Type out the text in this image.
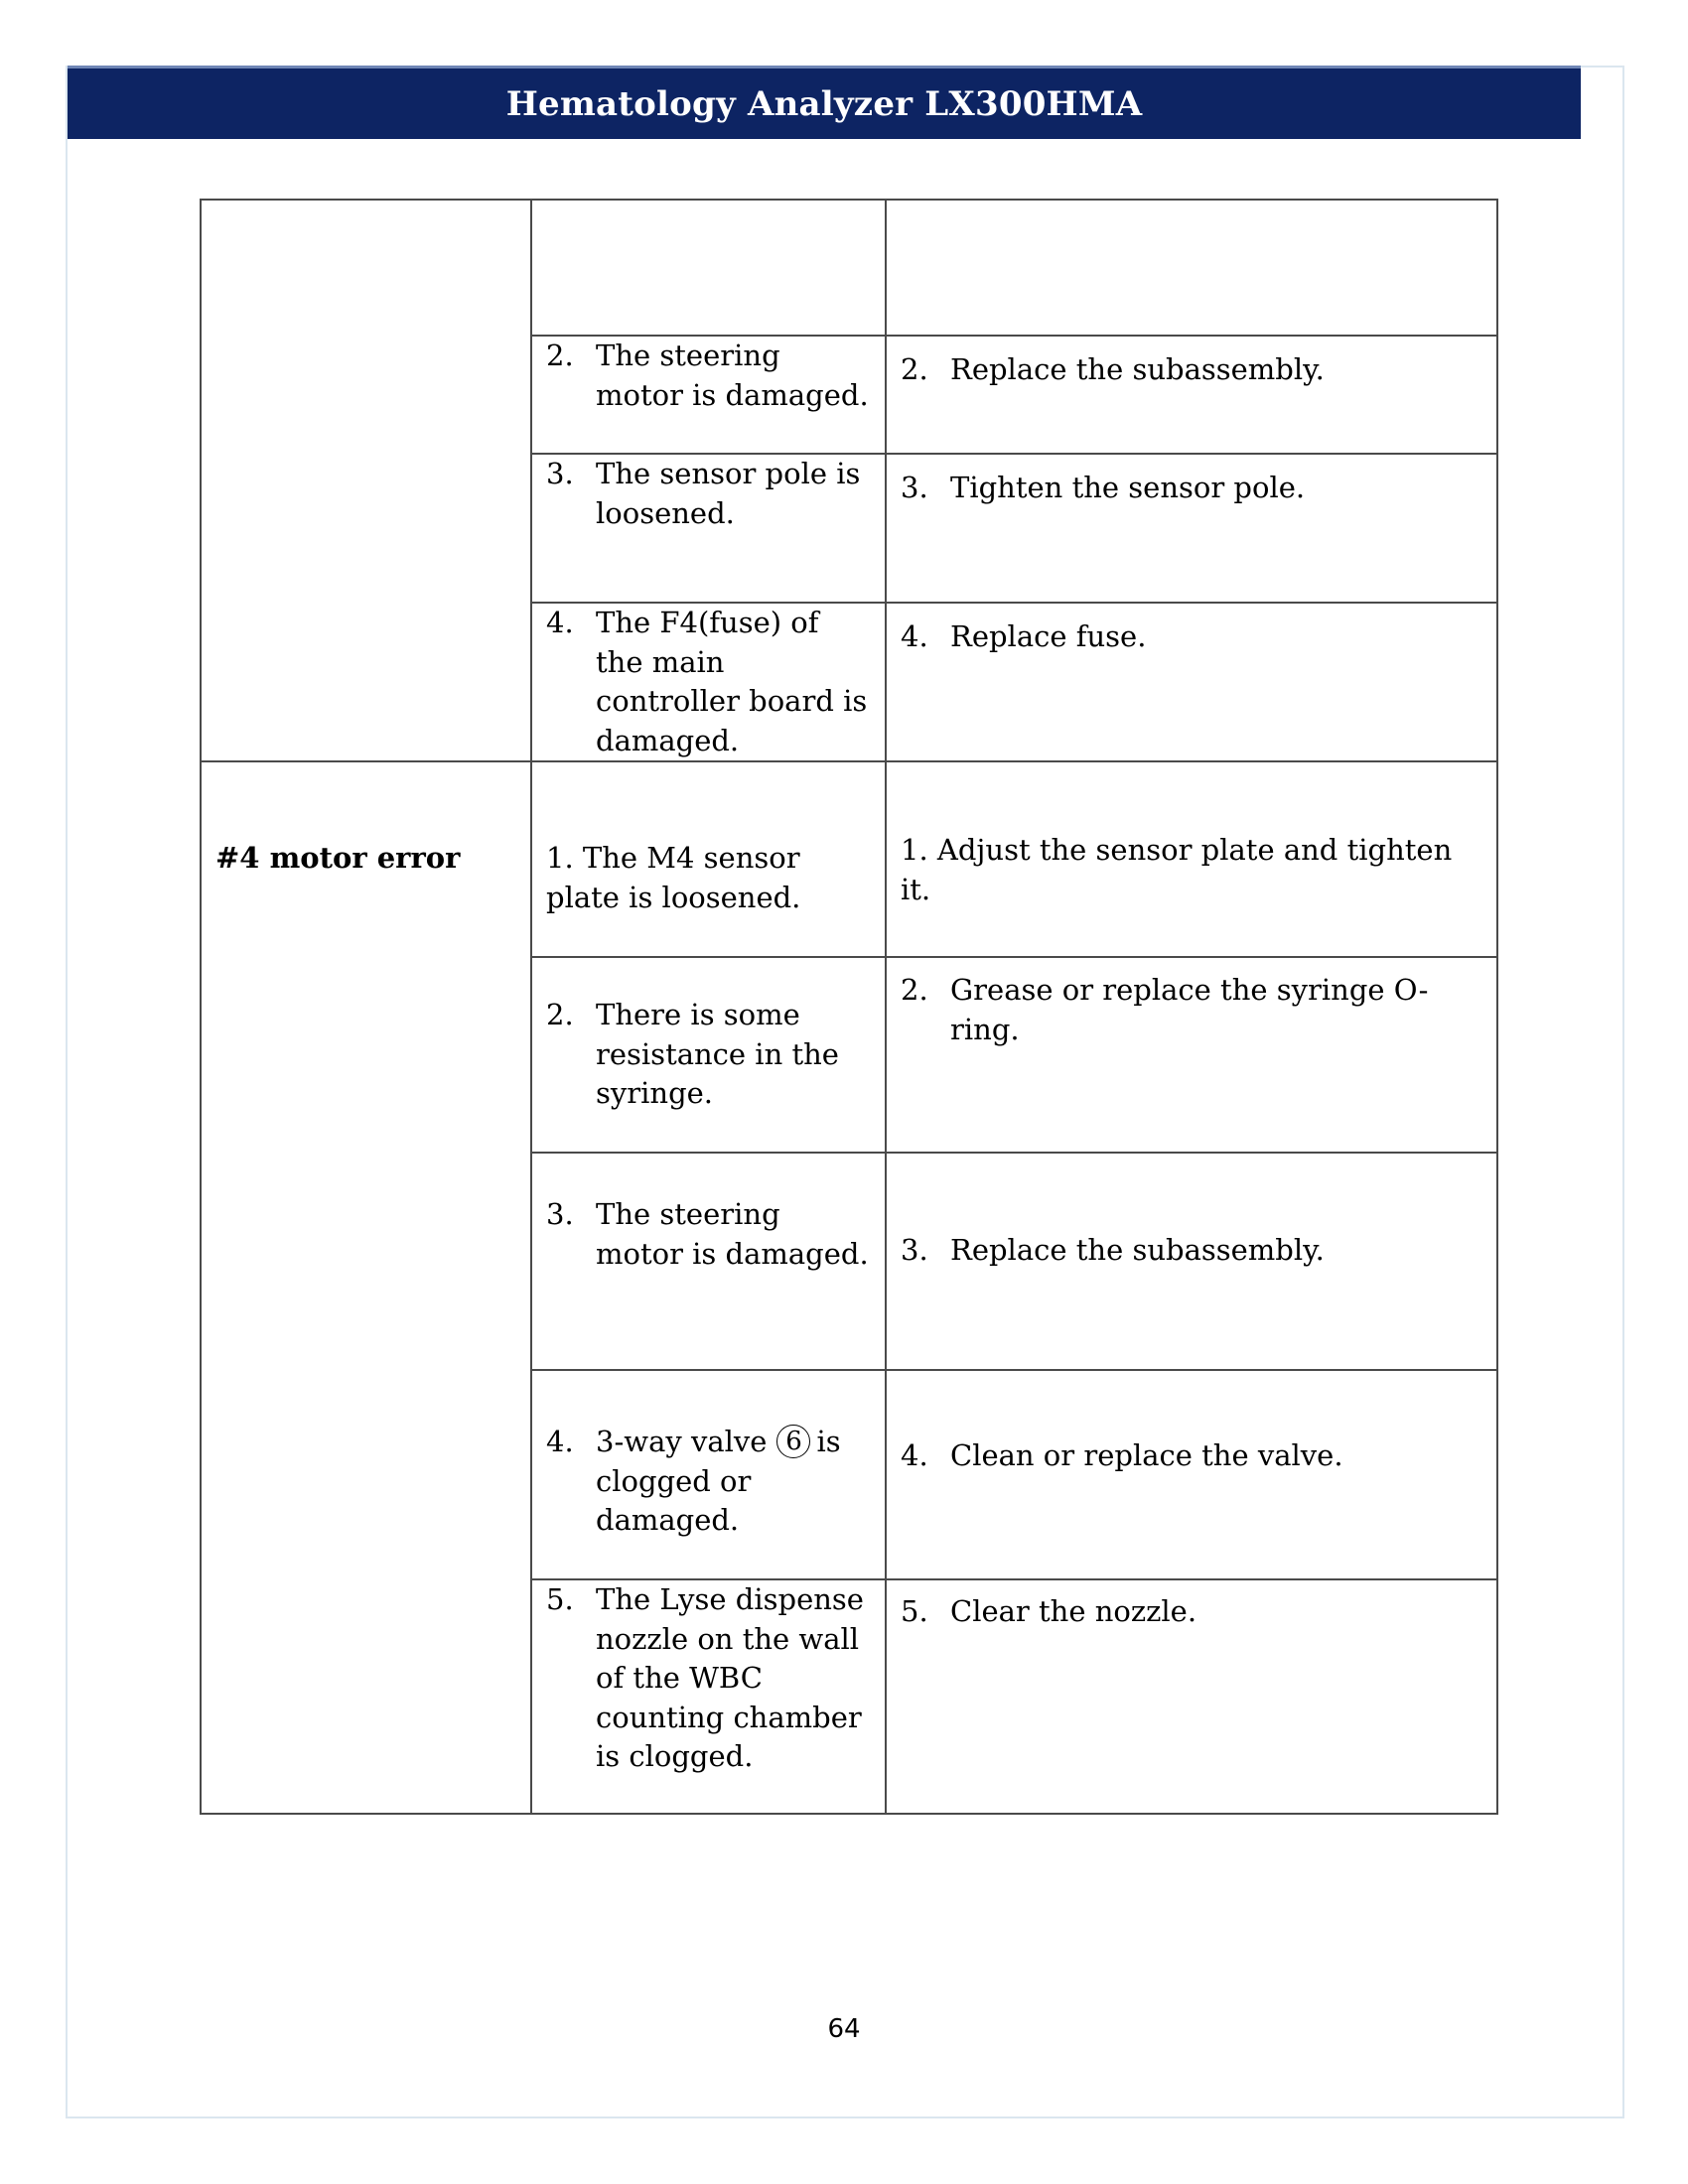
Hematology Analyzer LX300HMA

	2. The steering motor is damaged.	2. Replace the subassembly.

	3. The sensor pole is loosened.	3. Tighten the sensor pole.

	4. The F4(fuse) of the main controller board is damaged.	4. Replace fuse.

#4 motor error	1. The M4 sensor plate is loosened.	1. Adjust the sensor plate and tighten it.

	2. There is some resistance in the syringe.	2. Grease or replace the syringe O-ring.

	3. The steering motor is damaged.	3. Replace the subassembly.

	4. 3-way valve 6 is clogged or damaged.	4. Clean or replace the valve.

	5. The Lyse dispense nozzle on the wall of the WBC counting chamber is clogged.	5. Clear the nozzle.
64
